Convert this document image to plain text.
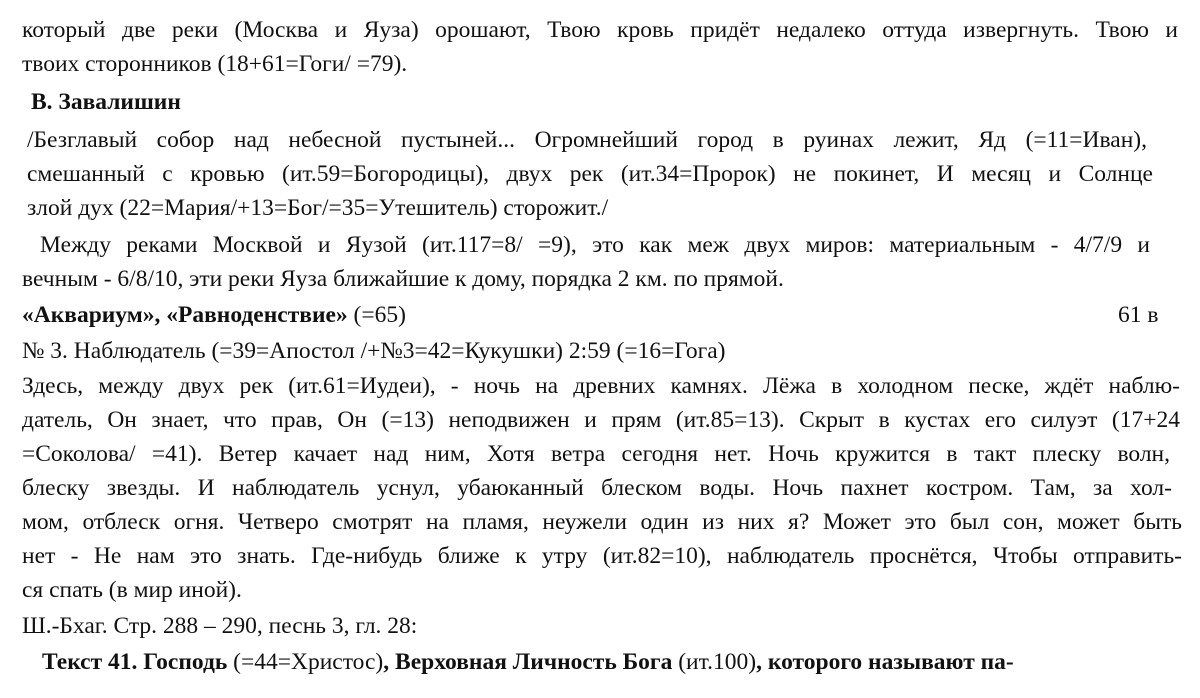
который две реки (Москва и Яуза) орошают, Твою кровь придёт недалеко оттуда извергнуть. Твою и
твоих сторонников (18+61=Гоги/ =79).
В. Завалишин
/Безглавый собор над небесной пустыней... Огромнейший город в руинах лежит, Яд (=11=Иван),
смешанный с кровью (ит.59=Богородицы), двух рек (ит.34=Пророк) не покинет, И месяц и Солнце
злой дух (22=Мария/+13=Бог/=35=Утешитель) сторожит./
Между реками Москвой и Яузой (ит.117=8/ =9), это как меж двух миров: материальным - 4/7/9 и
вечным - 6/8/10, эти реки Яуза ближайшие к дому, порядка 2 км. по прямой.
«Аквариум», «Равноденствие» (=65)	61 в
№ 3. Наблюдатель (=39=Апостол /+№3=42=Кукушки) 2:59 (=16=Гога)
Здесь, между двух рек (ит.61=Иудеи), - ночь на древних камнях. Лёжа в холодном песке, ждёт наблю-
датель, Он знает, что прав, Он (=13) неподвижен и прям (ит.85=13). Скрыт в кустах его силуэт (17+24
=Соколова/ =41). Ветер качает над ним, Хотя ветра сегодня нет. Ночь кружится в такт плеску волн,
блеску звезды. И наблюдатель уснул, убаюканный блеском воды. Ночь пахнет костром. Там, за хол-
мом, отблеск огня. Четверо смотрят на пламя, неужели один из них я? Может это был сон, может быть
нет - Не нам это знать. Где-нибудь ближе к утру (ит.82=10), наблюдатель проснётся, Чтобы отправить-
ся спать (в мир иной).
Ш.-Бхаг. Стр. 288 – 290, песнь 3, гл. 28:
Текст 41. Господь (=44=Христос), Верховная Личность Бога (ит.100), которого называют па-
